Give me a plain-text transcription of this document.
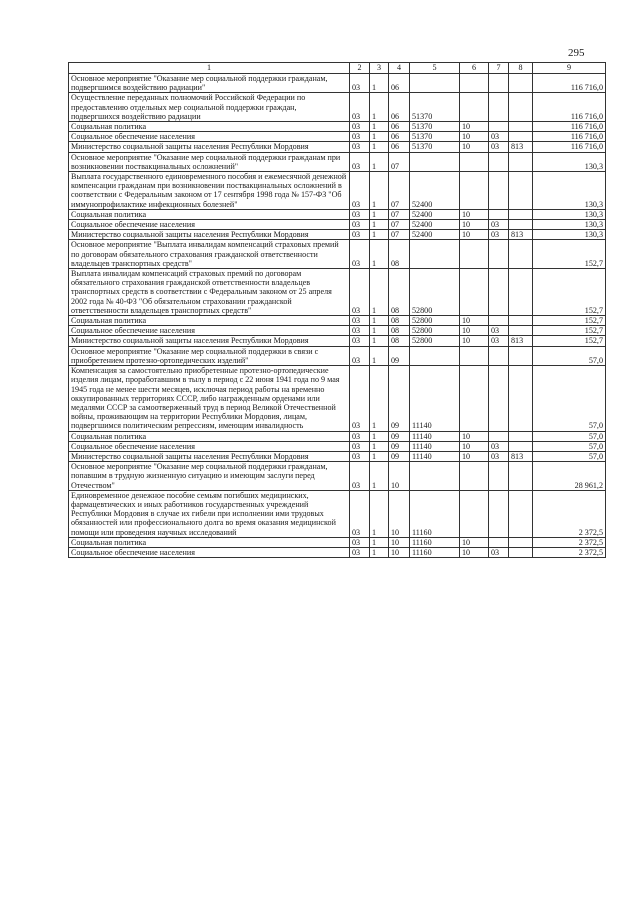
295
1	2	3	4	5	6	7	8	9
Основное мероприятие "Оказание мер социальной поддержки гражданам, подвергшимся воздействию радиации"	03	1	06					116 716,0
Осуществление переданных полномочий Российской Федерации по предоставлению отдельных мер социальной поддержки граждан, подвергшихся воздействию радиации	03	1	06	51370				116 716,0
Социальная политика	03	1	06	51370	10			116 716,0
Социальное обеспечение населения	03	1	06	51370	10	03		116 716,0
Министерство социальной защиты населения Республики Мордовия	03	1	06	51370	10	03	813	116 716,0
Основное мероприятие "Оказание мер социальной поддержки гражданам при возникновении поствакцинальных осложнений"	03	1	07					130,3
Выплата государственного единовременного пособия и ежемесячной денежной компенсации гражданам при возникновении поствакцинальных осложнений в соответствии с Федеральным законом от 17 сентября 1998 года № 157-ФЗ "Об иммунопрофилактике инфекционных болезней"	03	1	07	52400				130,3
Социальная политика	03	1	07	52400	10			130,3
Социальное обеспечение населения	03	1	07	52400	10	03		130,3
Министерство социальной защиты населения Республики Мордовия	03	1	07	52400	10	03	813	130,3
Основное мероприятие "Выплата инвалидам компенсаций страховых премий по договорам обязательного страхования гражданской ответственности владельцев транспортных средств"	03	1	08					152,7
Выплата инвалидам компенсаций страховых премий по договорам обязательного страхования гражданской ответственности владельцев транспортных средств в соответствии с Федеральным законом от 25 апреля 2002 года № 40-ФЗ "Об обязательном страховании гражданской ответственности владельцев транспортных средств"	03	1	08	52800				152,7
Социальная политика	03	1	08	52800	10			152,7
Социальное обеспечение населения	03	1	08	52800	10	03		152,7
Министерство социальной защиты населения Республики Мордовия	03	1	08	52800	10	03	813	152,7
Основное мероприятие "Оказание мер социальной поддержки в связи с приобретением протезно-ортопедических изделий"	03	1	09					57,0
Компенсация за самостоятельно приобретенные протезно-ортопедические изделия лицам, проработавшим в тылу в период с 22 июня 1941 года по 9 мая 1945 года не менее шести месяцев, исключая период работы на временно оккупированных территориях СССР, либо награжденным орденами или медалями СССР за самоотверженный труд в период Великой Отечественной войны, проживающим на территории Республики Мордовия, лицам, подвергшимся политическим репрессиям, имеющим инвалидность	03	1	09	11140				57,0
Социальная политика	03	1	09	11140	10			57,0
Социальное обеспечение населения	03	1	09	11140	10	03		57,0
Министерство социальной защиты населения Республики Мордовия	03	1	09	11140	10	03	813	57,0
Основное мероприятие "Оказание мер социальной поддержки гражданам, попавшим в трудную жизненную ситуацию и имеющим заслуги перед Отечеством"	03	1	10					28 961,2
Единовременное денежное пособие семьям погибших медицинских, фармацевтических и иных работников государственных учреждений Республики Мордовия в случае их гибели при исполнении ими трудовых обязанностей или профессионального долга во время оказания медицинской помощи или проведения научных исследований	03	1	10	11160				2 372,5
Социальная политика	03	1	10	11160	10			2 372,5
Социальное обеспечение населения	03	1	10	11160	10	03		2 372,5
